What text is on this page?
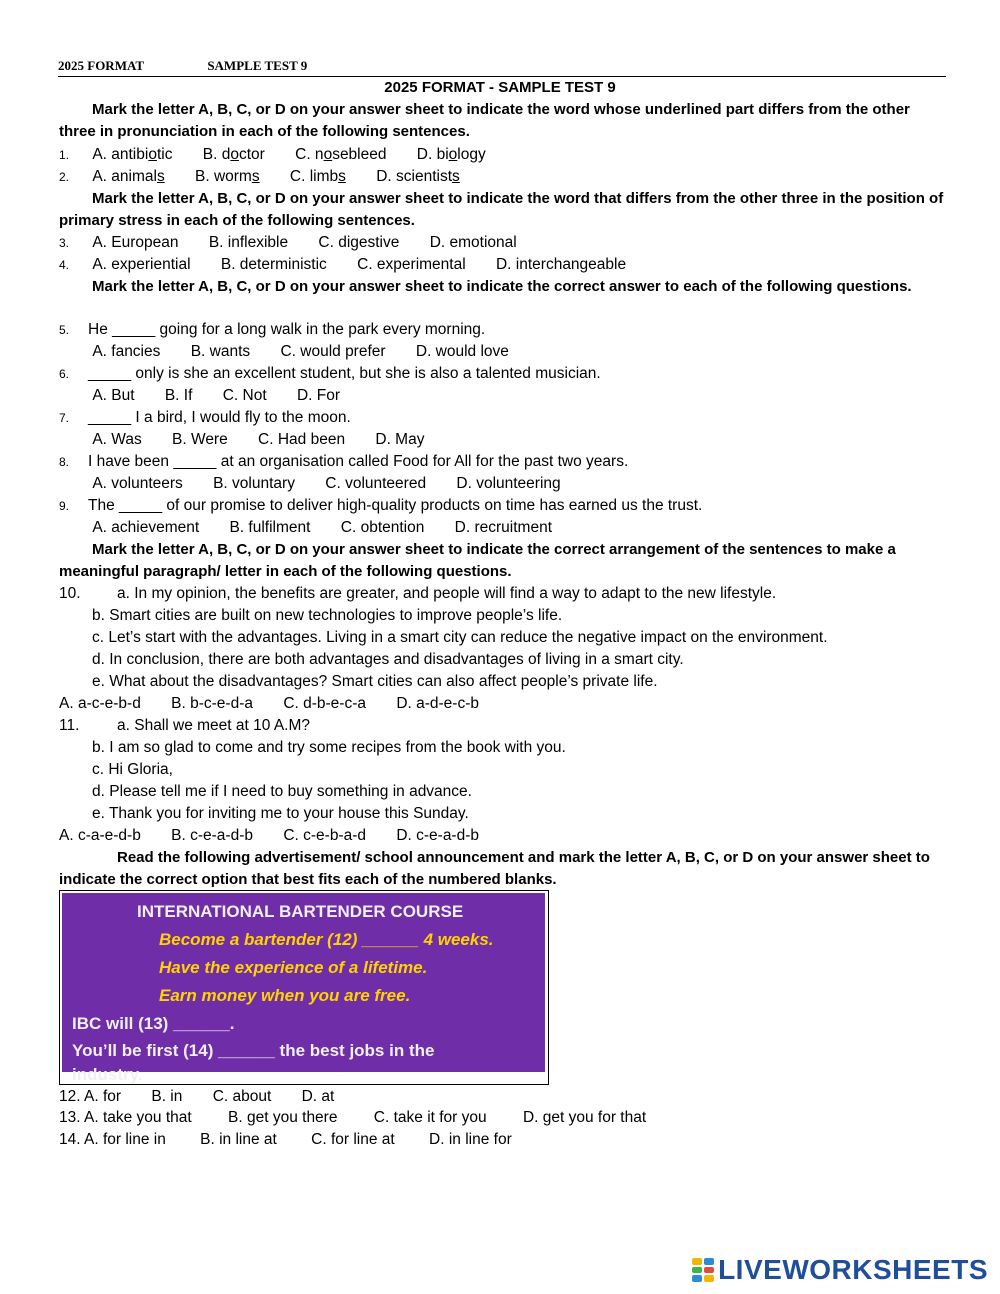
2025 FORMAT	SAMPLE TEST 9
2025 FORMAT - SAMPLE TEST 9
Mark the letter A, B, C, or D on your answer sheet to indicate the word whose underlined part differs from the other three in pronunciation in each of the following sentences.
1. A. antibiotic B. doctor C. nosebleed D. biology
2. A. animals B. worms C. limbs D. scientists
Mark the letter A, B, C, or D on your answer sheet to indicate the word that differs from the other three in the position of primary stress in each of the following sentences.
3. A. European B. inflexible C. digestive D. emotional
4. A. experiential B. deterministic C. experimental D. interchangeable
Mark the letter A, B, C, or D on your answer sheet to indicate the correct answer to each of the following questions.
5. He _____ going for a long walk in the park every morning.
A. fancies B. wants C. would prefer D. would love
6. _____ only is she an excellent student, but she is also a talented musician.
A. But B. If C. Not D. For
7. _____ I a bird, I would fly to the moon.
A. Was B. Were C. Had been D. May
8. I have been _____ at an organisation called Food for All for the past two years.
A. volunteers B. voluntary C. volunteered D. volunteering
9. The _____ of our promise to deliver high-quality products on time has earned us the trust.
A. achievement B. fulfilment C. obtention D. recruitment
Mark the letter A, B, C, or D on your answer sheet to indicate the correct arrangement of the sentences to make a meaningful paragraph/ letter in each of the following questions.
10. a. In my opinion, the benefits are greater, and people will find a way to adapt to the new lifestyle.
b. Smart cities are built on new technologies to improve people’s life.
c. Let’s start with the advantages. Living in a smart city can reduce the negative impact on the environment.
d. In conclusion, there are both advantages and disadvantages of living in a smart city.
e. What about the disadvantages? Smart cities can also affect people’s private life.
A. a-c-e-b-d B. b-c-e-d-a C. d-b-e-c-a D. a-d-e-c-b
11. a. Shall we meet at 10 A.M?
b. I am so glad to come and try some recipes from the book with you.
c. Hi Gloria,
d. Please tell me if I need to buy something in advance.
e. Thank you for inviting me to your house this Sunday.
A. c-a-e-d-b B. c-e-a-d-b C. c-e-b-a-d D. c-e-a-d-b
Read the following advertisement/ school announcement and mark the letter A, B, C, or D on your answer sheet to indicate the correct option that best fits each of the numbered blanks.
INTERNATIONAL BARTENDER COURSE
Become a bartender (12) ______ 4 weeks.
Have the experience of a lifetime.
Earn money when you are free.
IBC will (13) ______.
You’ll be first (14) ______ the best jobs in the
industry.
12. A. for B. in C. about D. at
13. A. take you that B. get you there C. take it for you D. get you for that
14. A. for line in B. in line at C. for line at D. in line for
LIVEWORKSHEETS
